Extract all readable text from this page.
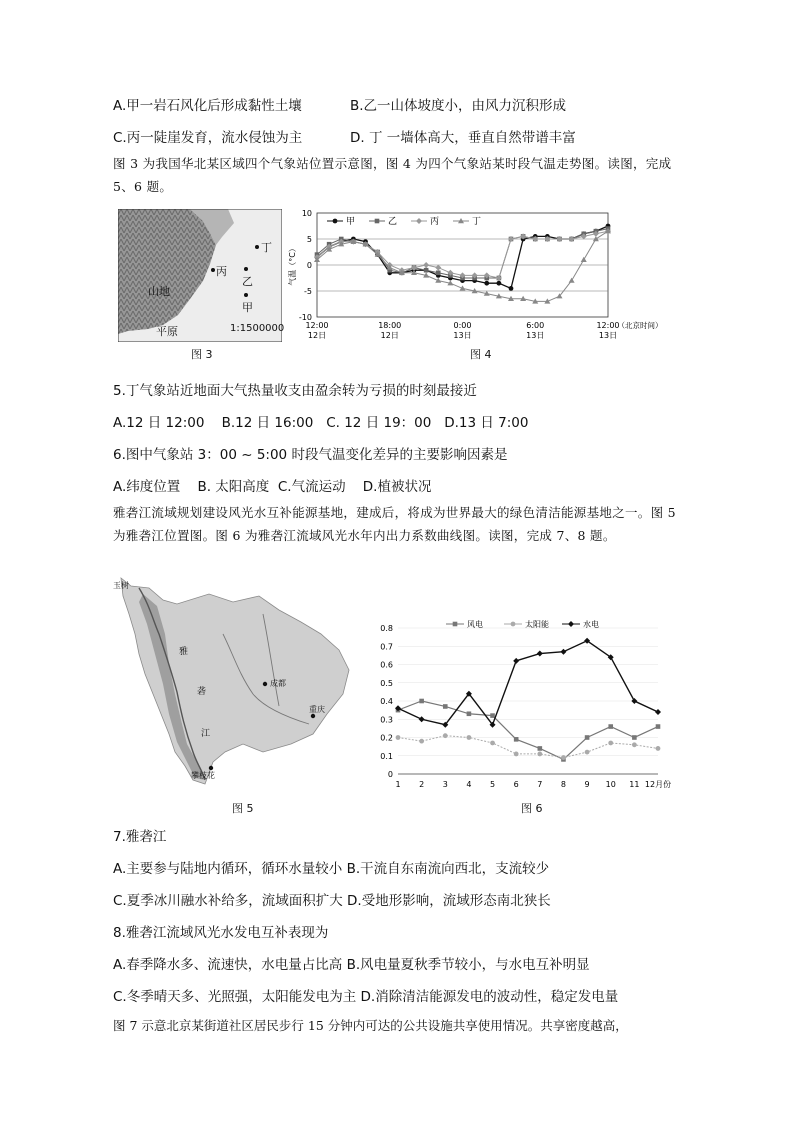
A.甲一岩石风化后形成黏性土壤	B.乙一山体坡度小，由风力沉积形成
C.丙一陡崖发育，流水侵蚀为主	D. 丁 一墙体高大，垂直自然带谱丰富
图 3 为我国华北某区域四个气象站位置示意图，图 4 为四个气象站某时段气温走势图。读图，完成 5、6 题。
丁
丙
乙
甲
山地
平原	1:1500000
图 3
-10
-5
0
5
10
12:00
12日
18:00
12日
0:00
13日
6:00
13日
12:00
13日
（北京时间）
气温（°C）
甲	乙	丙	丁
图 4
5.丁气象站近地面大气热量收支由盈余转为亏损的时刻最接近
A.12 日 12:00    B.12 日 16:00   C. 12 日 19：00   D.13 日 7:00
6.图中气象站 3：00 ~ 5:00 时段气温变化差异的主要影响因素是
A.纬度位置    B. 太阳高度  C.气流运动    D.植被状况
雅砻江流域规划建设风光水互补能源基地，建成后，将成为世界最大的绿色清洁能源基地之一。图 5 为雅砻江位置图。图 6 为雅砻江流域风光水年内出力系数曲线图。读图，完成 7、8 题。
玉树
雅
砻
江
成都
重庆
攀枝花
图 5
0
0.1
0.2
0.3
0.4
0.5
0.6
0.7
0.8
1 2 3 4 5 6 7 8 9 10 11 12月份
风电	太阳能	水电
图 6
7.雅砻江
A.主要参与陆地内循环，循环水量较小 B.干流自东南流向西北，支流较少
C.夏季冰川融水补给多，流域面积扩大 D.受地形影响，流域形态南北狭长
8.雅砻江流域风光水发电互补表现为
A.春季降水多、流速快，水电量占比高 B.风电量夏秋季节较小，与水电互补明显
C.冬季晴天多、光照强，太阳能发电为主 D.消除清洁能源发电的波动性，稳定发电量
图 7 示意北京某街道社区居民步行 15 分钟内可达的公共设施共享使用情况。共享密度越高，
